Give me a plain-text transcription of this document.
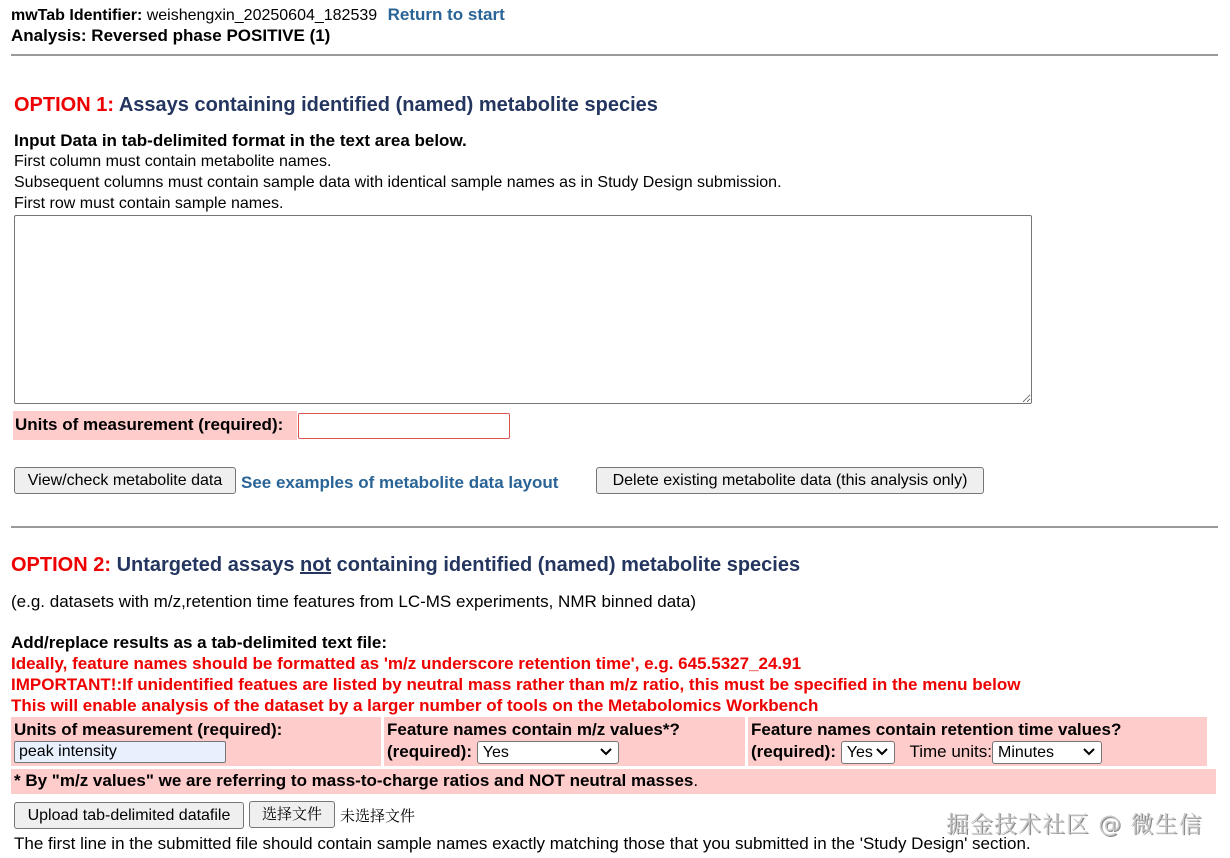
mwTab Identifier: weishengxin_20250604_182539 Return to start
Analysis: Reversed phase POSITIVE (1)
OPTION 1: Assays containing identified (named) metabolite species
Input Data in tab-delimited format in the text area below.
First column must contain metabolite names.
Subsequent columns must contain sample data with identical sample names as in Study Design submission.
First row must contain sample names.
Units of measurement (required):
View/check metabolite data	See examples of metabolite data layout	Delete existing metabolite data (this analysis only)
OPTION 2: Untargeted assays not containing identified (named) metabolite species
(e.g. datasets with m/z,retention time features from LC-MS experiments, NMR binned data)
Add/replace results as a tab-delimited text file:
Ideally, feature names should be formatted as 'm/z underscore retention time', e.g. 645.5327_24.91
IMPORTANT!:If unidentified featues are listed by neutral mass rather than m/z ratio, this must be specified in the menu below
This will enable analysis of the dataset by a larger number of tools on the Metabolomics Workbench
Units of measurement (required):
peak intensity	Feature names contain m/z values*?
(required): Yes

Feature names contain retention time values?
(required): Yes Time units: Minutes
* By "m/z values" we are referring to mass-to-charge ratios and NOT neutral masses.
Upload tab-delimited datafile	选择文件	未选择文件
The first line in the submitted file should contain sample names exactly matching those that you submitted in the 'Study Design' section.
掘金技术社区 @ 微生信
